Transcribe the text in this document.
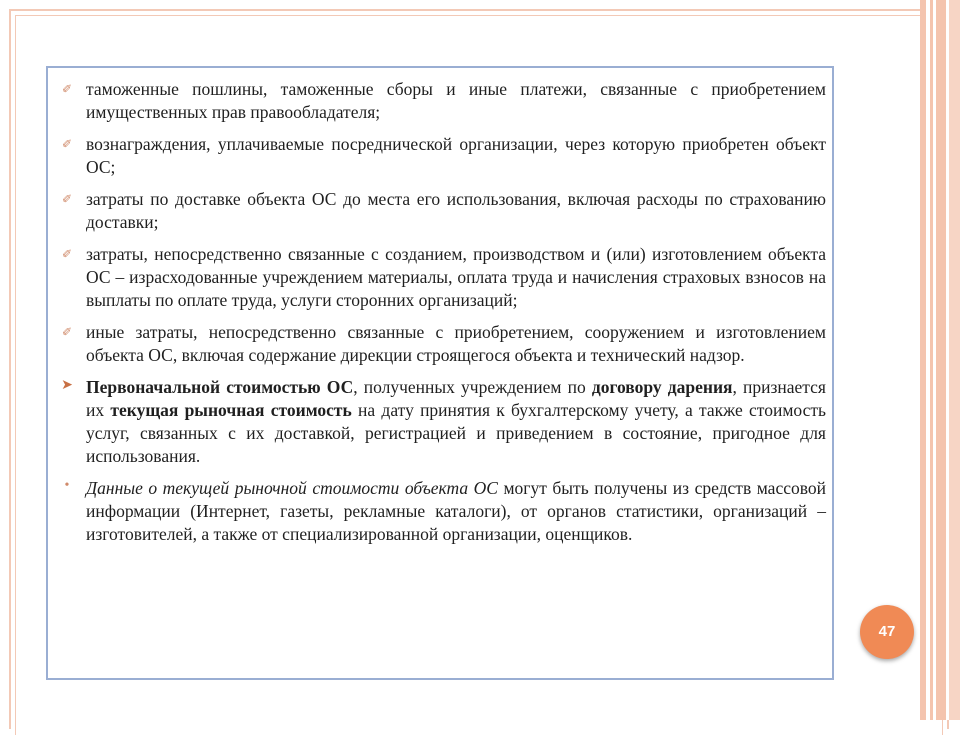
✐ таможенные пошлины, таможенные сборы и иные платежи, связанные с приобретением имущественных прав правообладателя;
✐ вознаграждения, уплачиваемые посреднической организации, через которую приобретен объект ОС;
✐ затраты по доставке объекта ОС до места его использования, включая расходы по страхованию доставки;
✐ затраты, непосредственно связанные с созданием, производством и (или) изготовлением объекта ОС – израсходованные учреждением материалы, оплата труда и начисления страховых взносов на выплаты по оплате труда, услуги сторонних организаций;
✐ иные затраты, непосредственно связанные с приобретением, сооружением и изготовлением объекта ОС, включая содержание дирекции строящегося объекта и технический надзор.
➤ Первоначальной стоимостью ОС, полученных учреждением по договору дарения, признается их текущая рыночная стоимость на дату принятия к бухгалтерскому учету, а также стоимость услуг, связанных с их доставкой, регистрацией и приведением в состояние, пригодное для использования.
• Данные о текущей рыночной стоимости объекта ОС могут быть получены из средств массовой информации (Интернет, газеты, рекламные каталоги), от органов статистики, организаций – изготовителей, а также от специализированной организации, оценщиков.
47
